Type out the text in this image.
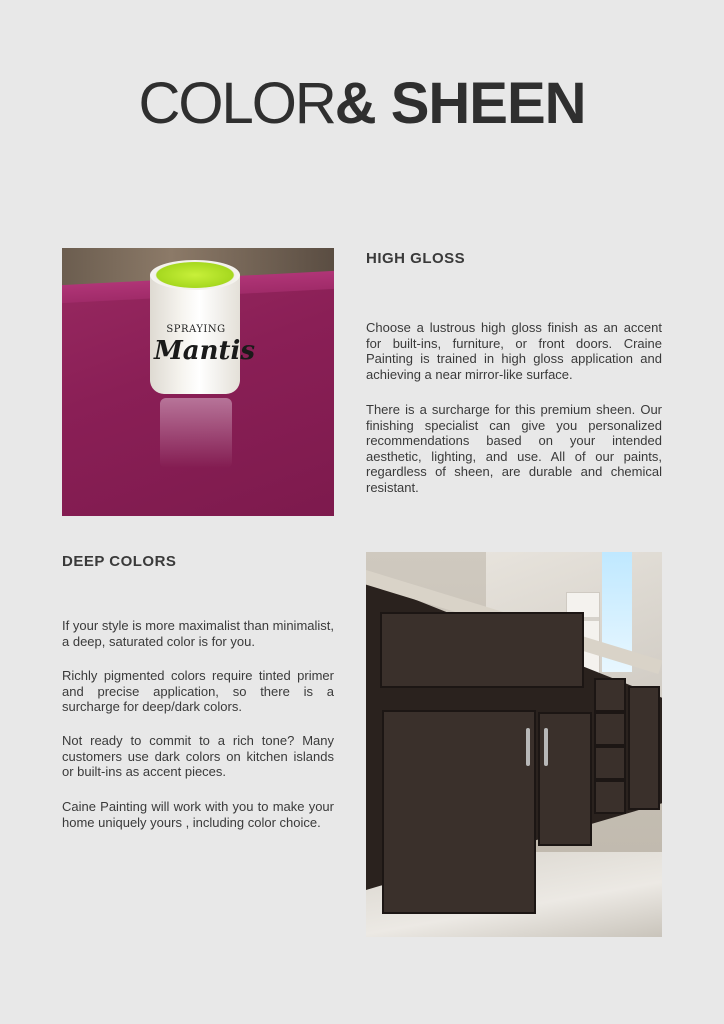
COLOR& SHEEN
SPRAYING
Mantis
HIGH GLOSS

Choose a lustrous high gloss finish as an accent for built-ins, furniture, or front doors. Craine Painting is trained in high gloss application and achieving a near mirror-like surface.

There is a surcharge for this premium sheen. Our finishing specialist can give you personalized recommendations based on your intended aesthetic, lighting, and use. All of our paints, regardless of sheen, are durable and chemical resistant.

DEEP COLORS

If your style is more maximalist than minimalist, a deep, saturated color is for you.

Richly pigmented colors require tinted primer and precise application, so there is a surcharge for deep/dark colors.

Not ready to commit to a rich tone? Many customers use dark colors on kitchen islands or built-ins as accent pieces.

Caine Painting will work with you to make your home uniquely yours , including color choice.
